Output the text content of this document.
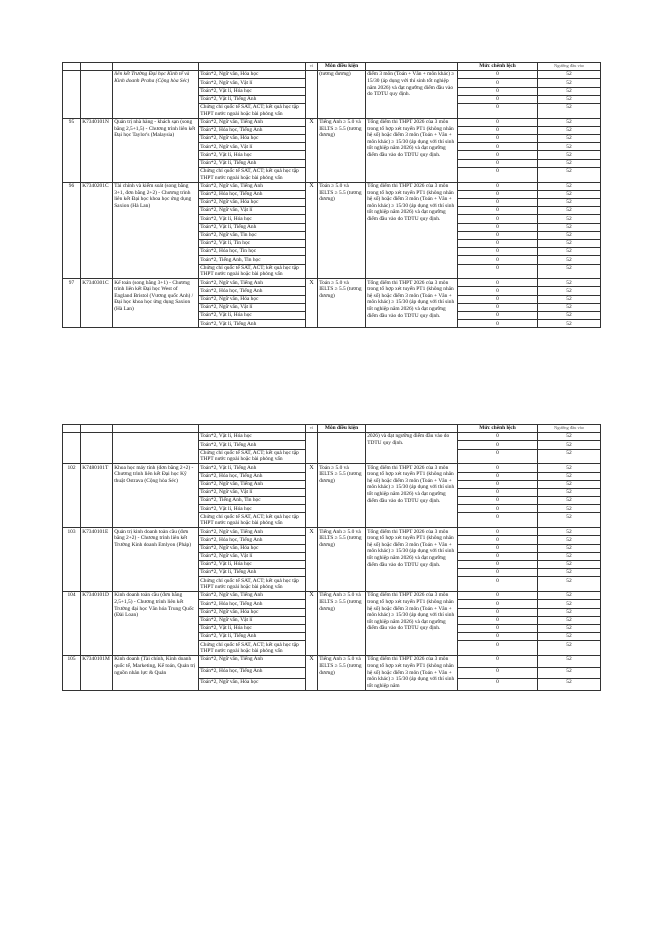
				vì	Môn điều kiện		Mức chênh lệch	Ngưỡng đầu vào
		liên kết Trường Đại học Kinh tế và Kinh doanh Praha (Cộng hòa Séc)	Toán*2, Ngữ văn, Hóa học		(tương đương)	điểm 3 môn (Toán + Văn + môn khác) ≥ 15/30 (áp dụng với thí sinh tốt nghiệp năm 2026) và đạt ngưỡng điểm đầu vào do TDTU quy định.	0	52
			Toán*2, Ngữ văn, Vật lí				0	52
			Toán*2, Vật lí, Hóa học				0	52
			Toán*2, Vật lí, Tiếng Anh				0	52
			Chứng chỉ quốc tế SAT, ACT; kết quả học tập THPT nước ngoài hoặc bài phỏng vấn				0	52
95	K7340101N	Quản trị nhà hàng - khách sạn (song bằng 2,5+1,5) - Chương trình liên kết Đại học Taylor's (Malaysia)	Toán*2, Ngữ văn, Tiếng Anh	X	Tiếng Anh ≥ 5.0 và IELTS ≥ 5.5 (tương đương)	Tổng điểm thi THPT 2026 của 3 môn trong tổ hợp xét tuyển PT1 (không nhân hệ số) hoặc điểm 3 môn (Toán + Văn + môn khác) ≥ 15/30 (áp dụng với thí sinh tốt nghiệp năm 2026) và đạt ngưỡng điểm đầu vào do TDTU quy định.	0	52
			Toán*2, Hóa học, Tiếng Anh				0	52
			Toán*2, Ngữ văn, Hóa học				0	52
			Toán*2, Ngữ văn, Vật lí				0	52
			Toán*2, Vật lí, Hóa học				0	52
			Toán*2, Vật lí, Tiếng Anh				0	52
			Chứng chỉ quốc tế SAT, ACT; kết quả học tập THPT nước ngoài hoặc bài phỏng vấn				0	52
96	K7340201C	Tài chính và kiểm soát (song bằng 3+1, đơn bằng 2+2) - Chương trình liên kết Đại học khoa học ứng dụng Saxion (Hà Lan)	Toán*2, Ngữ văn, Tiếng Anh	X	Toán ≥ 5.0 và IELTS ≥ 5.5 (tương đương)	Tổng điểm thi THPT 2026 của 3 môn trong tổ hợp xét tuyển PT1 (không nhân hệ số) hoặc điểm 3 môn (Toán + Văn + môn khác) ≥ 15/30 (áp dụng với thí sinh tốt nghiệp năm 2026) và đạt ngưỡng điểm đầu vào do TDTU quy định.	0	52
			Toán*2, Hóa học, Tiếng Anh				0	52
			Toán*2, Ngữ văn, Hóa học				0	52
			Toán*2, Ngữ văn, Vật lí				0	52
			Toán*2, Vật lí, Hóa học				0	52
			Toán*2, Vật lí, Tiếng Anh				0	52
			Toán*2, Ngữ văn, Tin học				0	52
			Toán*2, Vật lí, Tin học				0	52
			Toán*2, Hóa học, Tin học				0	52
			Toán*2, Tiếng Anh, Tin học				0	52
			Chứng chỉ quốc tế SAT, ACT; kết quả học tập THPT nước ngoài hoặc bài phỏng vấn				0	52
97	K7340301C	Kế toán (song bằng 3+1) - Chương trình liên kết Đại học West of England Bristol (Vương quốc Anh) / Đại học khoa học ứng dụng Saxion (Hà Lan)	Toán*2, Ngữ văn, Tiếng Anh	X	Toán ≥ 5.0 và IELTS ≥ 5.5 (tương đương)	Tổng điểm thi THPT 2026 của 3 môn trong tổ hợp xét tuyển PT1 (không nhân hệ số) hoặc điểm 3 môn (Toán + Văn + môn khác) ≥ 15/30 (áp dụng với thí sinh tốt nghiệp năm 2026) và đạt ngưỡng điểm đầu vào do TDTU quy định.	0	52
			Toán*2, Hóa học, Tiếng Anh				0	52
			Toán*2, Ngữ văn, Hóa học				0	52
			Toán*2, Ngữ văn, Vật lí				0	52
			Toán*2, Vật lí, Hóa học				0	52
			Toán*2, Vật lí, Tiếng Anh				0	52
				vì	Môn điều kiện		Mức chênh lệch	Ngưỡng đầu vào
			Toán*2, Vật lí, Hóa học			2026) và đạt ngưỡng điểm đầu vào do TDTU quy định.	0	52
			Toán*2, Vật lí, Tiếng Anh				0	52
			Chứng chỉ quốc tế SAT, ACT; kết quả học tập THPT nước ngoài hoặc bài phỏng vấn				0	52
102	K7480101T	Khoa học máy tính (đơn bằng 2+2) - Chương trình liên kết Đại học Kỹ thuật Ostrava (Cộng hòa Séc)	Toán*2, Vật lí, Tiếng Anh	X	Toán ≥ 5.0 và IELTS ≥ 5.5 (tương đương)	Tổng điểm thi THPT 2026 của 3 môn trong tổ hợp xét tuyển PT1 (không nhân hệ số) hoặc điểm 3 môn (Toán + Văn + môn khác) ≥ 15/30 (áp dụng với thí sinh tốt nghiệp năm 2026) và đạt ngưỡng điểm đầu vào do TDTU quy định.	0	52
			Toán*2, Hóa học, Tiếng Anh				0	52
			Toán*2, Ngữ văn, Tiếng Anh				0	52
			Toán*2, Ngữ văn, Vật lí				0	52
			Toán*2, Tiếng Anh, Tin học				0	52
			Toán*2, Vật lí, Hóa học				0	52
			Chứng chỉ quốc tế SAT, ACT; kết quả học tập THPT nước ngoài hoặc bài phỏng vấn				0	52
103	K7340101E	Quản trị kinh doanh toàn cầu (đơn bằng 2+2) - Chương trình liên kết Trường Kinh doanh Emlyon (Pháp)	Toán*2, Ngữ văn, Tiếng Anh	X	Tiếng Anh ≥ 5.0 và IELTS ≥ 5.5 (tương đương)	Tổng điểm thi THPT 2026 của 3 môn trong tổ hợp xét tuyển PT1 (không nhân hệ số) hoặc điểm 3 môn (Toán + Văn + môn khác) ≥ 15/30 (áp dụng với thí sinh tốt nghiệp năm 2026) và đạt ngưỡng điểm đầu vào do TDTU quy định.	0	52
			Toán*2, Hóa học, Tiếng Anh				0	52
			Toán*2, Ngữ văn, Hóa học				0	52
			Toán*2, Ngữ văn, Vật lí				0	52
			Toán*2, Vật lí, Hóa học				0	52
			Toán*2, Vật lí, Tiếng Anh				0	52
			Chứng chỉ quốc tế SAT, ACT; kết quả học tập THPT nước ngoài hoặc bài phỏng vấn				0	52
104	K7340101D	Kinh doanh toàn cầu (đơn bằng 2,5+1,5) - Chương trình liên kết Trường đại học Văn hóa Trung Quốc (Đài Loan)	Toán*2, Ngữ văn, Tiếng Anh	X	Tiếng Anh ≥ 5.0 và IELTS ≥ 5.5 (tương đương)	Tổng điểm thi THPT 2026 của 3 môn trong tổ hợp xét tuyển PT1 (không nhân hệ số) hoặc điểm 3 môn (Toán + Văn + môn khác) ≥ 15/30 (áp dụng với thí sinh tốt nghiệp năm 2026) và đạt ngưỡng điểm đầu vào do TDTU quy định.	0	52
			Toán*2, Hóa học, Tiếng Anh				0	52
			Toán*2, Ngữ văn, Hóa học				0	52
			Toán*2, Ngữ văn, Vật lí				0	52
			Toán*2, Vật lí, Hóa học				0	52
			Toán*2, Vật lí, Tiếng Anh				0	52
			Chứng chỉ quốc tế SAT, ACT; kết quả học tập THPT nước ngoài hoặc bài phỏng vấn				0	52
105	K7340101M	Kinh doanh (Tài chính, Kinh doanh quốc tế, Marketing, Kế toán, Quản trị nguồn nhân lực & Quản	Toán*2, Ngữ văn, Tiếng Anh	X	Tiếng Anh ≥ 5.0 và IELTS ≥ 5.5 (tương đương)	Tổng điểm thi THPT 2026 của 3 môn trong tổ hợp xét tuyển PT1 (không nhân hệ số) hoặc điểm 3 môn (Toán + Văn + môn khác) ≥ 15/30 (áp dụng với thí sinh tốt nghiệp năm	0	52
			Toán*2, Hóa học, Tiếng Anh				0	52
			Toán*2, Ngữ văn, Hóa học				0	52
